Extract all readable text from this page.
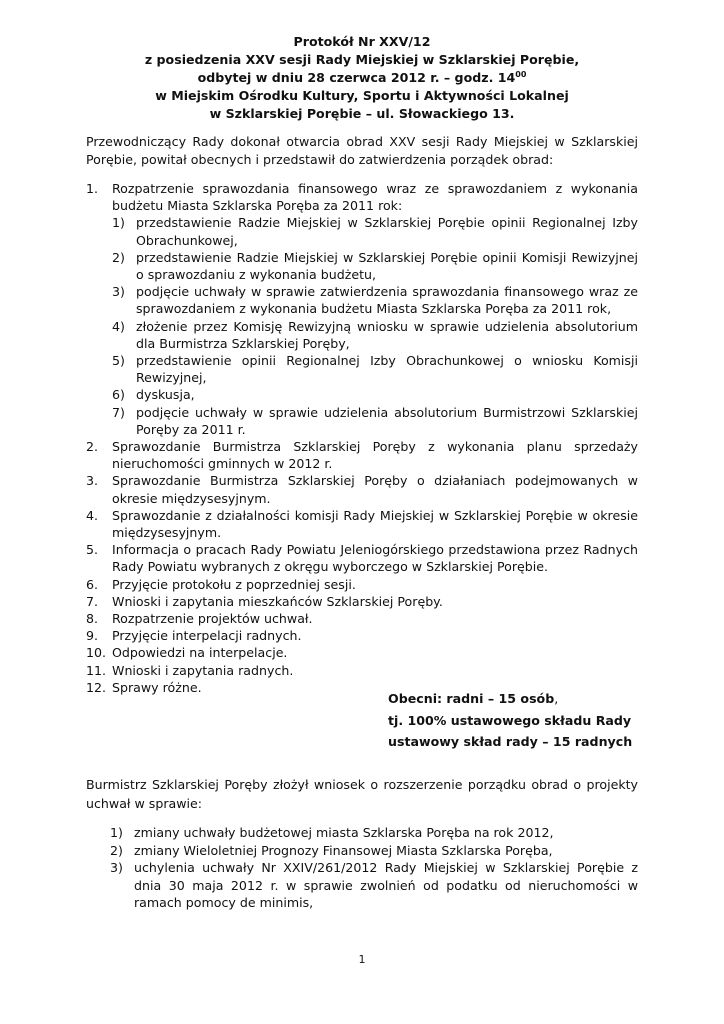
Protokół Nr XXV/12
z posiedzenia XXV sesji Rady Miejskiej w Szklarskiej Porębie,
odbytej w dniu 28 czerwca 2012 r. – godz. $14^{00}$
w Miejskim Ośrodku Kultury, Sportu i Aktywności Lokalnej
w Szklarskiej Porębie – ul. Słowackiego 13.
Przewodniczący Rady dokonał otwarcia obrad XXV sesji Rady Miejskiej w Szklarskiej Porębie, powitał obecnych i przedstawił do zatwierdzenia porządek obrad:
1. Rozpatrzenie sprawozdania finansowego wraz ze sprawozdaniem z wykonania budżetu Miasta Szklarska Poręba za 2011 rok:
1) przedstawienie Radzie Miejskiej w Szklarskiej Porębie opinii Regionalnej Izby Obrachunkowej,
2) przedstawienie Radzie Miejskiej w Szklarskiej Porębie opinii Komisji Rewizyjnej o sprawozdaniu z wykonania budżetu,
3) podjęcie uchwały w sprawie zatwierdzenia sprawozdania finansowego wraz ze sprawozdaniem z wykonania budżetu Miasta Szklarska Poręba za 2011 rok,
4) złożenie przez Komisję Rewizyjną wniosku w sprawie udzielenia absolutorium dla Burmistrza Szklarskiej Poręby,
5) przedstawienie opinii Regionalnej Izby Obrachunkowej o wniosku Komisji Rewizyjnej,
6) dyskusja,
7) podjęcie uchwały w sprawie udzielenia absolutorium Burmistrzowi Szklarskiej Poręby za 2011 r.
2. Sprawozdanie Burmistrza Szklarskiej Poręby z wykonania planu sprzedaży nieruchomości gminnych w 2012 r.
3. Sprawozdanie Burmistrza Szklarskiej Poręby o działaniach podejmowanych w okresie międzysesyjnym.
4. Sprawozdanie z działalności komisji Rady Miejskiej w Szklarskiej Porębie w okresie międzysesyjnym.
5. Informacja o pracach Rady Powiatu Jeleniogórskiego przedstawiona przez Radnych Rady Powiatu wybranych z okręgu wyborczego w Szklarskiej Porębie.
6. Przyjęcie protokołu z poprzedniej sesji.
7. Wnioski i zapytania mieszkańców Szklarskiej Poręby.
8. Rozpatrzenie projektów uchwał.
9. Przyjęcie interpelacji radnych.
10. Odpowiedzi na interpelacje.
11. Wnioski i zapytania radnych.
12. Sprawy różne.
Obecni: radni – 15 osób,
tj. 100% ustawowego składu Rady
ustawowy skład rady – 15 radnych
Burmistrz Szklarskiej Poręby złożył wniosek o rozszerzenie porządku obrad o projekty uchwał w sprawie:
1) zmiany uchwały budżetowej miasta Szklarska Poręba na rok 2012,
2) zmiany Wieloletniej Prognozy Finansowej Miasta Szklarska Poręba,
3) uchylenia uchwały Nr XXIV/261/2012 Rady Miejskiej w Szklarskiej Porębie z dnia 30 maja 2012 r. w sprawie zwolnień od podatku od nieruchomości w ramach pomocy de minimis,
1
